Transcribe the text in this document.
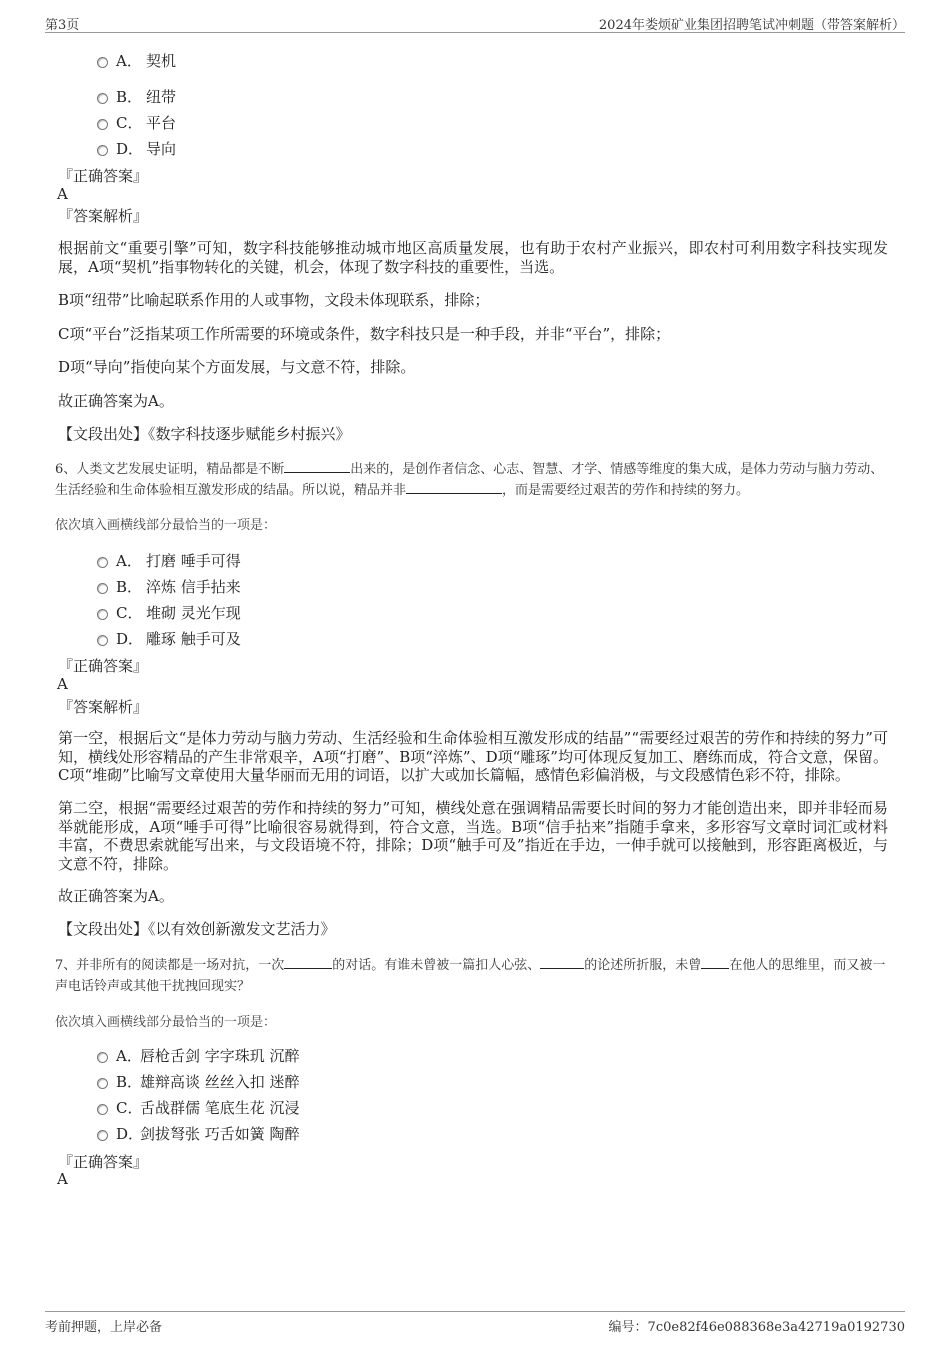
第3页	2024年娄烦矿业集团招聘笔试冲刺题（带答案解析）
A． 契机
B． 纽带
C． 平台
D． 导向
『正确答案』
A
『答案解析』
根据前文“重要引擎”可知，数字科技能够推动城市地区高质量发展，也有助于农村产业振兴，即农村可利用数字科技实现发展，A项“契机”指事物转化的关键，机会，体现了数字科技的重要性，当选。
B项“纽带”比喻起联系作用的人或事物，文段未体现联系，排除；
C项“平台”泛指某项工作所需要的环境或条件，数字科技只是一种手段，并非“平台”，排除；
D项“导向”指使向某个方面发展，与文意不符，排除。
故正确答案为A。
【文段出处】《数字科技逐步赋能乡村振兴》
6、人类文艺发展史证明，精品都是不断	出来的，是创作者信念、心志、智慧、才学、情感等维度的集大成，是体力劳动与脑力劳动、生活经验和生命体验相互激发形成的结晶。所以说，精品并非	，而是需要经过艰苦的劳作和持续的努力。
依次填入画横线部分最恰当的一项是：
A． 打磨 唾手可得
B． 淬炼 信手拈来
C． 堆砌 灵光乍现
D． 雕琢 触手可及
『正确答案』
A
『答案解析』
第一空，根据后文“是体力劳动与脑力劳动、生活经验和生命体验相互激发形成的结晶”“需要经过艰苦的劳作和持续的努力”可知，横线处形容精品的产生非常艰辛，A项“打磨”、B项“淬炼”、D项“雕琢”均可体现反复加工、磨练而成，符合文意，保留。C项“堆砌”比喻写文章使用大量华丽而无用的词语，以扩大或加长篇幅，感情色彩偏消极，与文段感情色彩不符，排除。
第二空，根据“需要经过艰苦的劳作和持续的努力”可知，横线处意在强调精品需要长时间的努力才能创造出来，即并非轻而易举就能形成，A项“唾手可得”比喻很容易就得到，符合文意，当选。B项“信手拈来”指随手拿来，多形容写文章时词汇或材料丰富，不费思索就能写出来，与文段语境不符，排除；D项“触手可及”指近在手边，一伸手就可以接触到，形容距离极近，与文意不符，排除。
故正确答案为A。
【文段出处】《以有效创新激发文艺活力》
7、并非所有的阅读都是一场对抗，一次	的对话。有谁未曾被一篇扣人心弦、	的论述所折服，未曾 在他人的思维里，而又被一声电话铃声或其他干扰拽回现实？
依次填入画横线部分最恰当的一项是：
A．
唇枪舌剑 字字珠玑 沉醉
B．
雄辩高谈 丝丝入扣 迷醉
C．
舌战群儒 笔底生花 沉浸
D．
剑拔弩张 巧舌如簧 陶醉
『正确答案』
A
考前押题，上岸必备	编号：7c0e82f46e088368e3a42719a0192730
